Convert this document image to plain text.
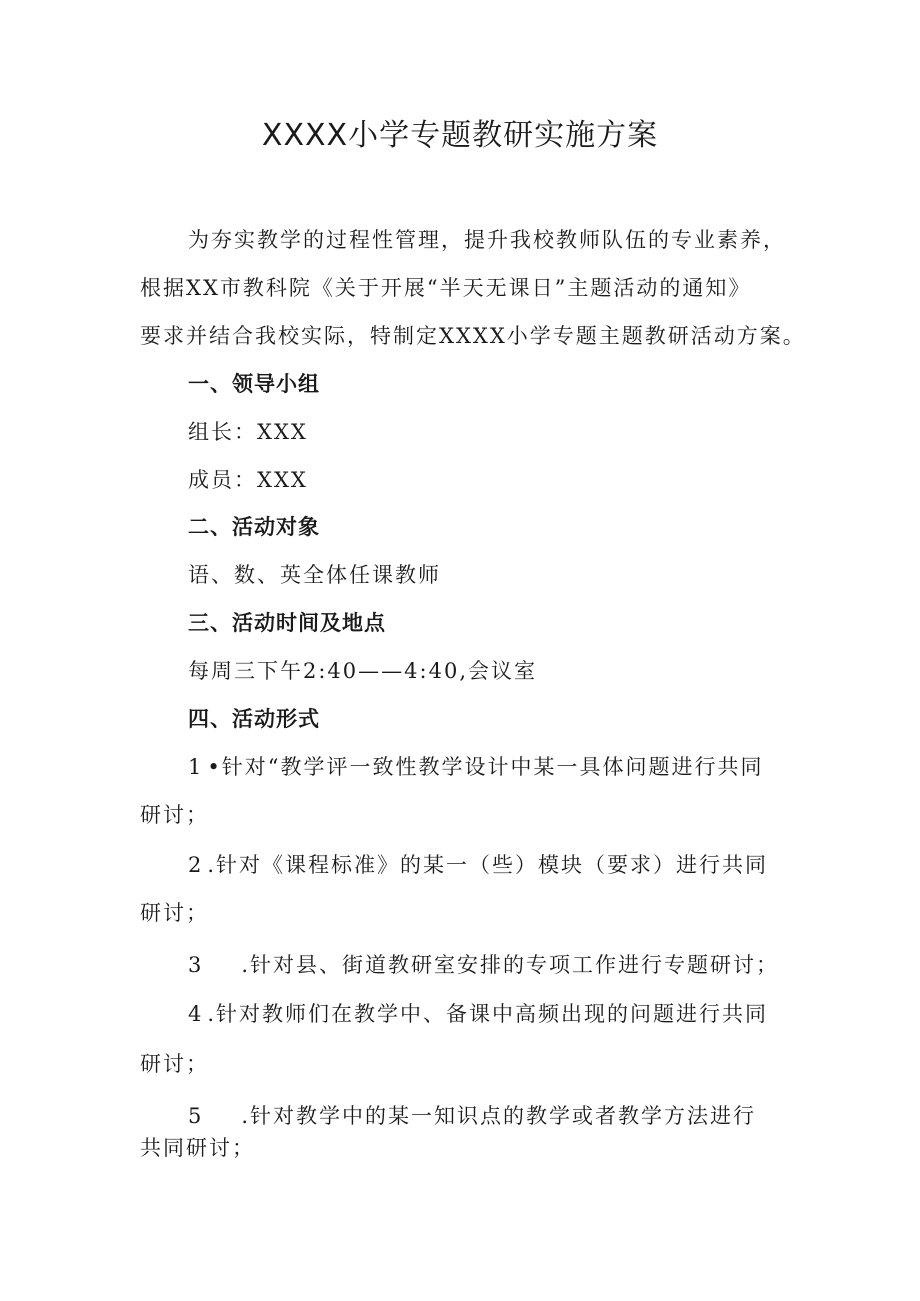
XXXX小学专题教研实施方案
为夯实教学的过程性管理，提升我校教师队伍的专业素养，
根据XX市教科院《关于开展“半天无课日”主题活动的通知》
要求并结合我校实际，特制定XXXX小学专题主题教研活动方案。
一、领导小组
组长：XXX
成员：XXX
二、活动对象
语、数、英全体任课教师
三、活动时间及地点
每周三下午2:40——4:40,会议室
四、活动形式
1 •针对“教学评一致性教学设计中某一具体问题进行共同
研讨；
2 .针对《课程标准》的某一（些）模块（要求）进行共同
研讨；
3 .针对县、街道教研室安排的专项工作进行专题研讨；
4 .针对教师们在教学中、备课中高频出现的问题进行共同
研讨；
5 .针对教学中的某一知识点的教学或者教学方法进行
共同研讨；
